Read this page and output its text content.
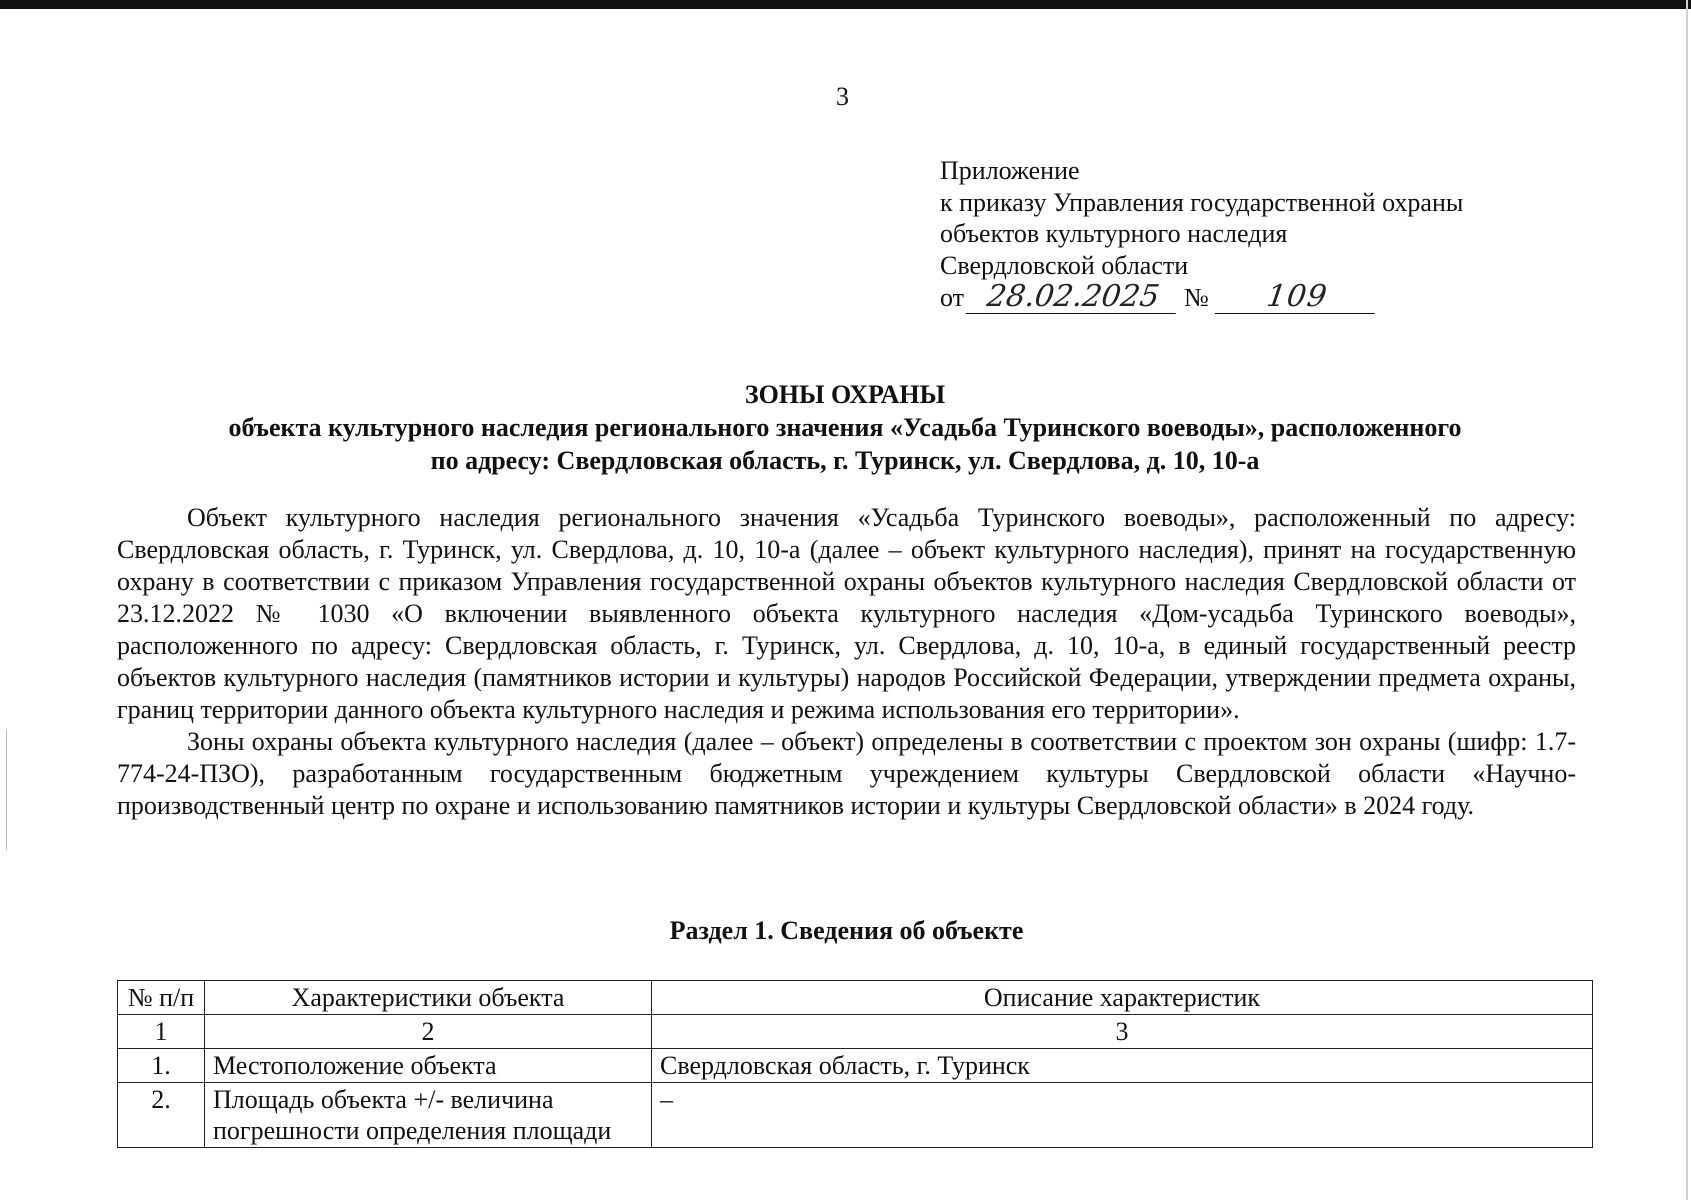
3
Приложение
к приказу Управления государственной охраны
объектов культурного наследия
Свердловской области
от 28.02.2025 № 109
ЗОНЫ ОХРАНЫ
объекта культурного наследия регионального значения «Усадьба Туринского воеводы», расположенного
по адресу: Свердловская область, г. Туринск, ул. Свердлова, д. 10, 10-а

Объект культурного наследия регионального значения «Усадьба Туринского воеводы», расположенный по адресу: Свердловская область, г. Туринск, ул. Свердлова, д. 10, 10-а (далее – объект культурного наследия), принят на государственную охрану в соответствии с приказом Управления государственной охраны объектов культурного наследия Свердловской области от 23.12.2022 № 1030 «О включении выявленного объекта культурного наследия «Дом-усадьба Туринского воеводы», расположенного по адресу: Свердловская область, г. Туринск, ул. Свердлова, д. 10, 10-а, в единый государственный реестр объектов культурного наследия (памятников истории и культуры) народов Российской Федерации, утверждении предмета охраны, границ территории данного объекта культурного наследия и режима использования его территории».

Зоны охраны объекта культурного наследия (далее – объект) определены в соответствии с проектом зон охраны (шифр: 1.7-774-24-ПЗО), разработанным государственным бюджетным учреждением культуры Свердловской области «Научно-производственный центр по охране и использованию памятников истории и культуры Свердловской области» в 2024 году.

Раздел 1. Сведения об объекте
№ п/п	Характеристики объекта	Описание характеристик
1	2	3
1.	Местоположение объекта	Свердловская область, г. Туринск
2.	Площадь объекта +/- величина погрешности определения площади	–
